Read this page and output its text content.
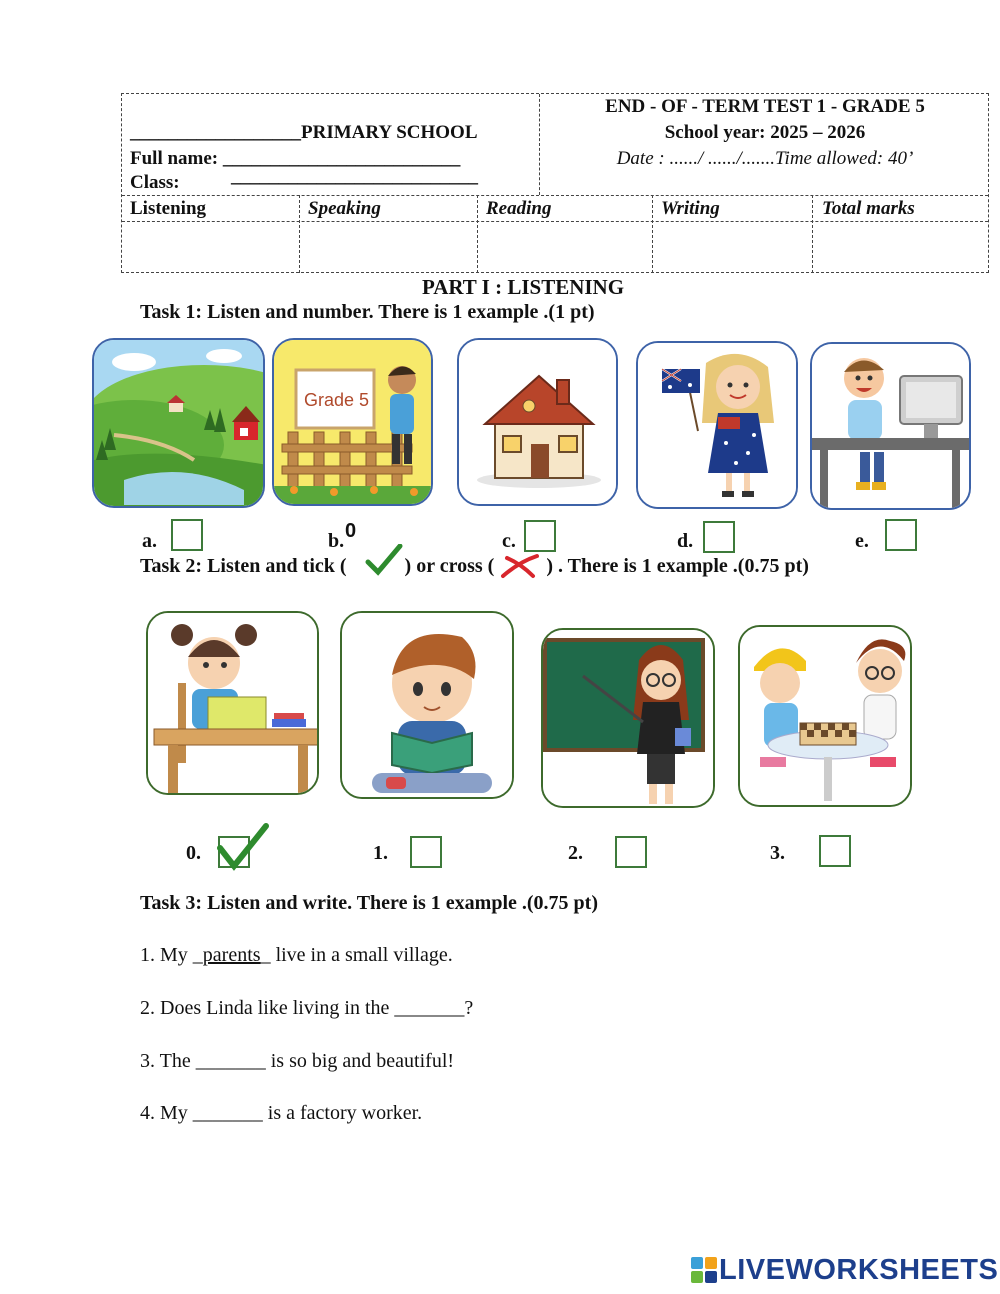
__________________PRIMARY SCHOOL
Full name: _________________________
Class:	__________________________
END - OF - TERM TEST 1 - GRADE 5
School year: 2025 – 2026
Date : ....../ ....../.......Time allowed: 40’
Listening	Speaking	Reading	Writing	Total marks
PART I : LISTENING
Task 1: Listen and number. There is 1 example .(1 pt)
Grade 5
a.	b. 0	c.	d.	e.
Task 2: Listen and tick (	) or cross (	) . There is 1 example .(0.75 pt)
0.	1.	2.	3.
Task 3: Listen and write. There is 1 example .(0.75 pt)
1. My _parents_ live in a small village.
2. Does Linda like living in the _______?
3. The _______ is so big and beautiful!
4. My _______ is a factory worker.
LIVEWORKSHEETS
